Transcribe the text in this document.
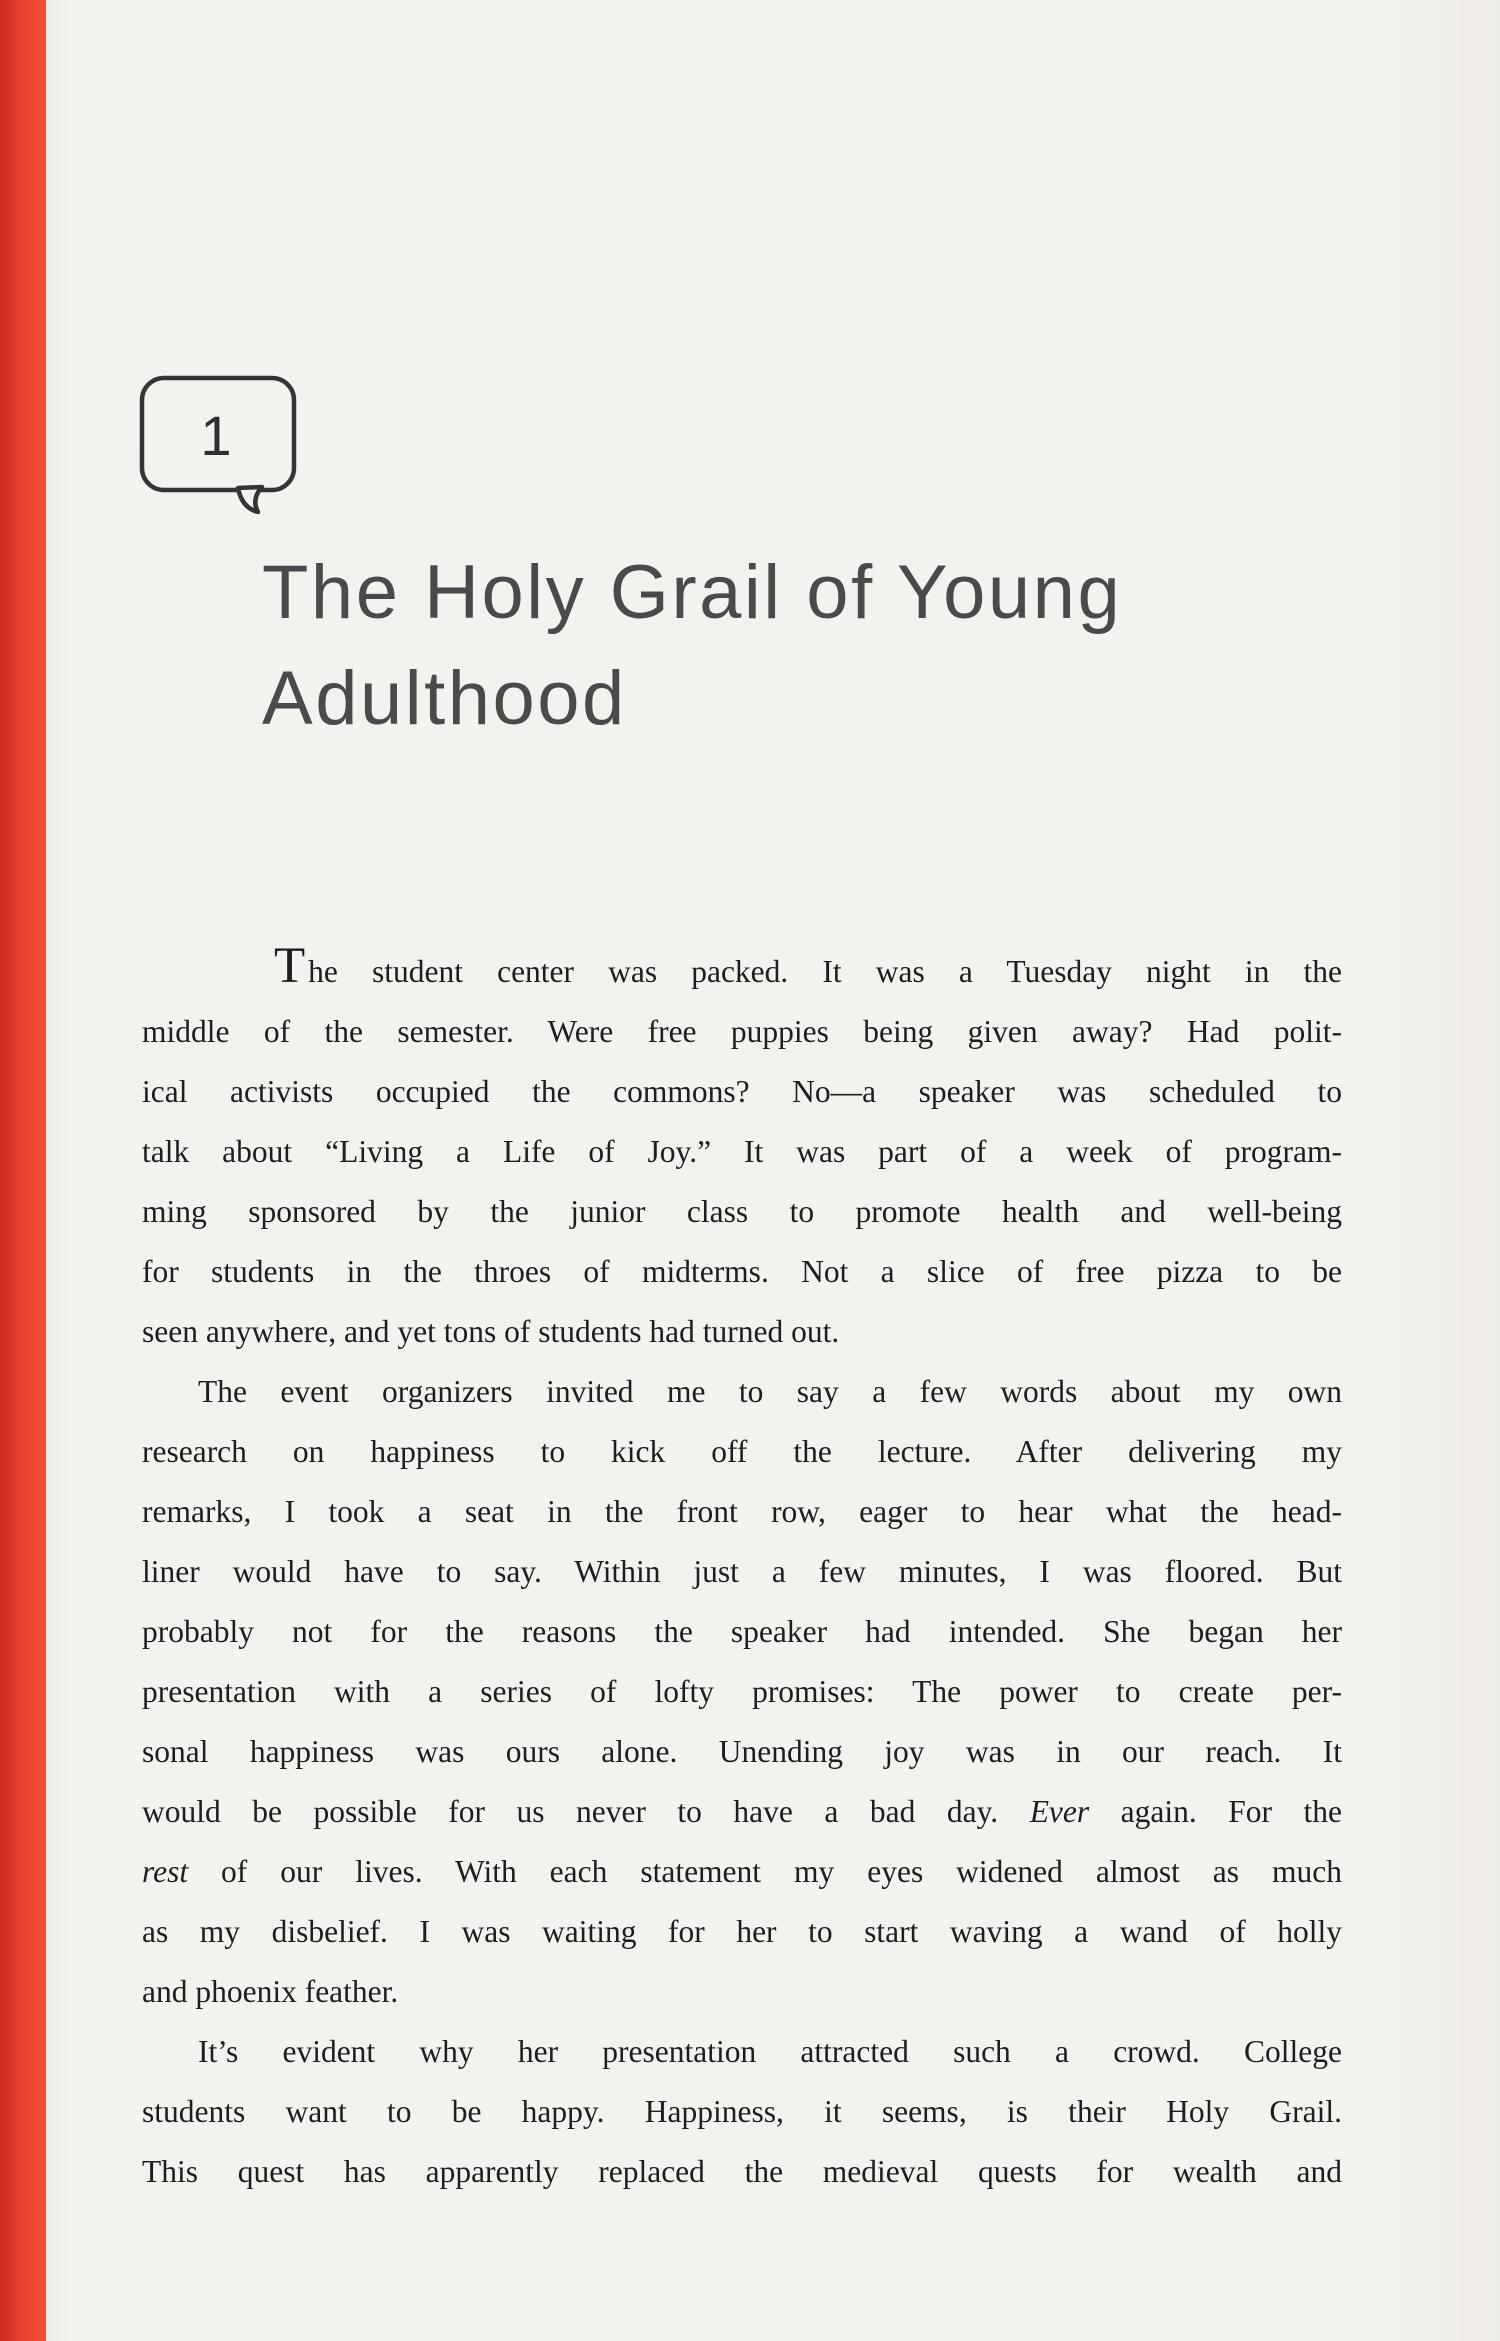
1
The Holy Grail of Young
Adulthood
The student center was packed. It was a Tuesday night in the
middle of the semester. Were free puppies being given away? Had polit-
ical activists occupied the commons? No—a speaker was scheduled to
talk about “Living a Life of Joy.” It was part of a week of program-
ming sponsored by the junior class to promote health and well-being
for students in the throes of midterms. Not a slice of free pizza to be
seen anywhere, and yet tons of students had turned out.
The event organizers invited me to say a few words about my own
research on happiness to kick off the lecture. After delivering my
remarks, I took a seat in the front row, eager to hear what the head-
liner would have to say. Within just a few minutes, I was floored. But
probably not for the reasons the speaker had intended. She began her
presentation with a series of lofty promises: The power to create per-
sonal happiness was ours alone. Unending joy was in our reach. It
would be possible for us never to have a bad day. Ever again. For the
rest of our lives. With each statement my eyes widened almost as much
as my disbelief. I was waiting for her to start waving a wand of holly
and phoenix feather.
It’s evident why her presentation attracted such a crowd. College
students want to be happy. Happiness, it seems, is their Holy Grail.
This quest has apparently replaced the medieval quests for wealth and
